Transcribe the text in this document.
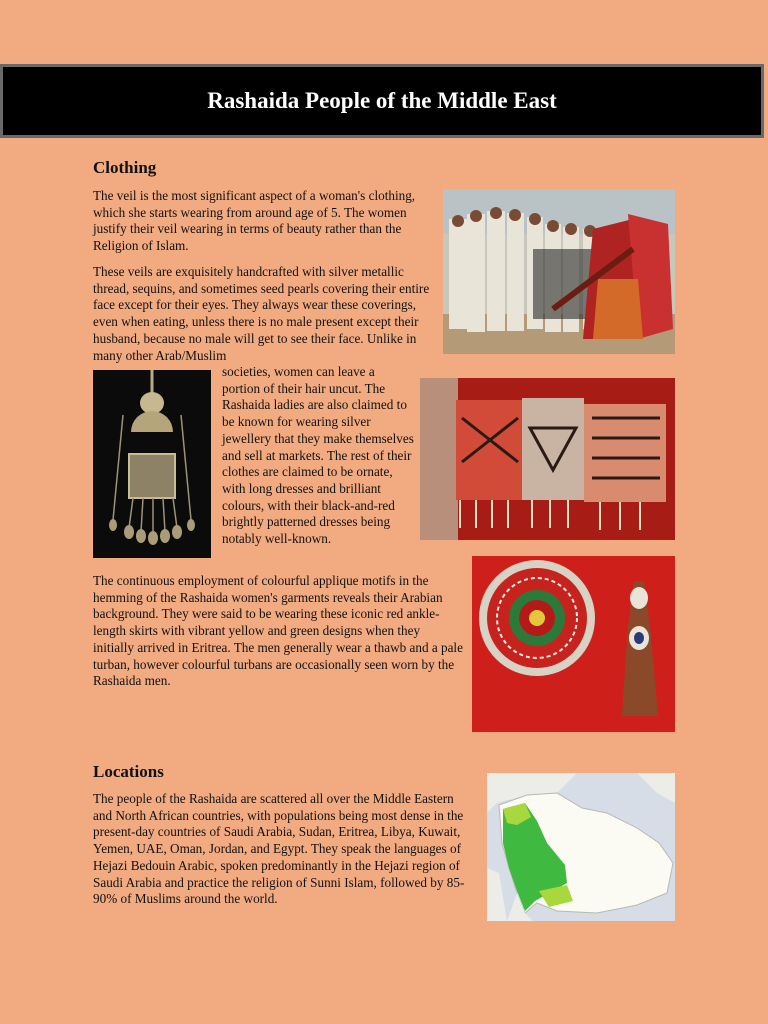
Rashaida People of the Middle East
Clothing

The veil is the most significant aspect of a woman's clothing, which she starts wearing from around age of 5. The women justify their veil wearing in terms of beauty rather than the Religion of Islam.

These veils are exquisitely handcrafted with silver metallic thread, sequins, and sometimes seed pearls covering their entire face except for their eyes. They always wear these coverings, even when eating, unless there is no male present except their husband, because no male will get to see their face. Unlike in many other Arab/Muslim

societies, women can leave a portion of their hair uncut. The Rashaida ladies are also claimed to be known for wearing silver jewellery that they make themselves and sell at markets. The rest of their clothes are claimed to be ornate, with long dresses and brilliant colours, with their black-and-red brightly patterned dresses being notably well-known.

The continuous employment of colourful applique motifs in the hemming of the Rashaida women's garments reveals their Arabian background. They were said to be wearing these iconic red ankle-length skirts with vibrant yellow and green designs when they initially arrived in Eritrea. The men generally wear a thawb and a pale turban, however colourful turbans are occasionally seen worn by the Rashaida men.

Locations

The people of the Rashaida are scattered all over the Middle Eastern and North African countries, with populations being most dense in the present-day countries of Saudi Arabia, Sudan, Eritrea, Libya, Kuwait, Yemen, UAE, Oman, Jordan, and Egypt. They speak the languages of Hejazi Bedouin Arabic, spoken predominantly in the Hejazi region of Saudi Arabia and practice the religion of Sunni Islam, followed by 85-90% of Muslims around the world.
